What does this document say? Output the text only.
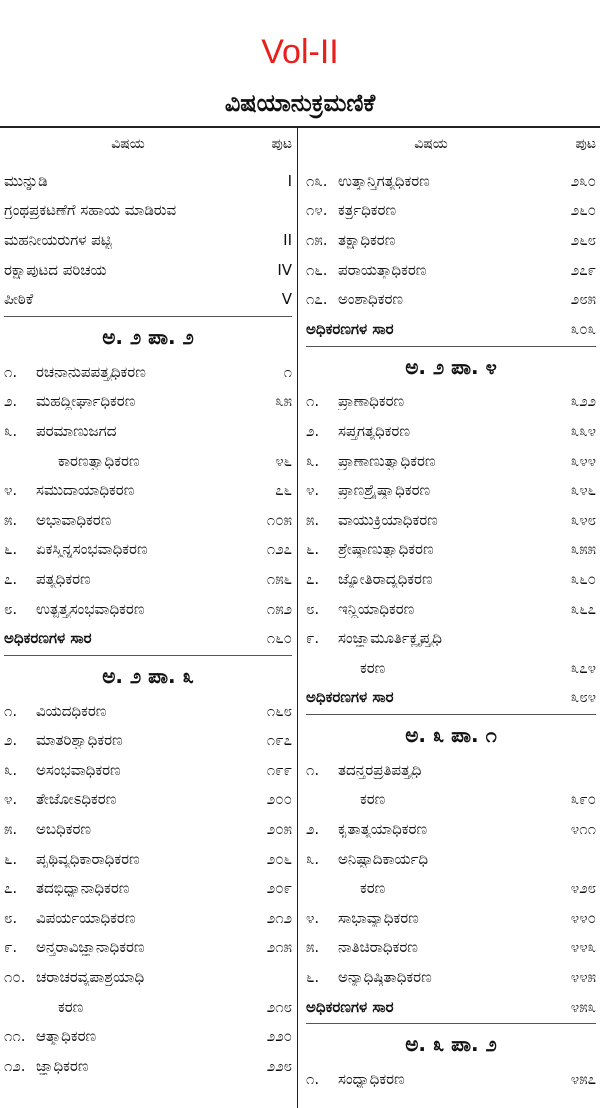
Vol-II
ವಿಷಯಾನುಕ್ರಮಣಿಕೆ
ವಿಷಯ	ಪುಟ
ಮುನ್ನುಡಿ	I
ಗ್ರಂಥಪ್ರಕಟಣೆಗೆ ಸಹಾಯ ಮಾಡಿರುವ
ಮಹನೀಯರುಗಳ ಪಟ್ಟಿ	II
ರಕ್ಷಾಪುಟದ ಪರಿಚಯ	IV
ಪೀಠಿಕೆ	V
ಅ. ೨ ಪಾ. ೨
೧.	ರಚನಾನುಪಪತ್ತ್ಯಧಿಕರಣ	೧
೨.	ಮಹದ್ದೀರ್ಘಾಧಿಕರಣ	೩೫
೩.	ಪರಮಾಣುಜಗದ
ಕಾರಣತ್ವಾಧಿಕರಣ	೪೬
೪.	ಸಮುದಾಯಾಧಿಕರಣ	೭೬
೫.	ಅಭಾವಾಧಿಕರಣ	೧೦೫
೬.	ಏಕಸ್ಮಿನ್ನಸಂಭವಾಧಿಕರಣ	೧೨೭
೭.	ಪತ್ಯಧಿಕರಣ	೧೫೬
೮.	ಉತ್ಪತ್ತ್ಯಸಂಭವಾಧಿಕರಣ	೧೫೨
ಅಧಿಕರಣಗಳ ಸಾರ	೧೬೦
ಅ. ೨ ಪಾ. ೩
೧.	ವಿಯದಧಿಕರಣ	೧೬೮
೨.	ಮಾತರಿಶ್ವಾಧಿಕರಣ	೧೯೭
೩.	ಅಸಂಭವಾಧಿಕರಣ	೧೯೯
೪.	ತೇಜೋಽಧಿಕರಣ	೨೦೦
೫.	ಅಬಧಿಕರಣ	೨೦೫
೬.	ಪೃಥಿವ್ಯಧಿಕಾರಾಧಿಕರಣ	೨೦೬
೭.	ತದಭಿಧ್ಯಾನಾಧಿಕರಣ	೨೦೯
೮.	ವಿಪರ್ಯಯಾಧಿಕರಣ	೨೧೨
೯.	ಅನ್ತರಾವಿಜ್ಞಾನಾಧಿಕರಣ	೨೧೫
೧೦. ಚರಾಚರವ್ಯಪಾಶ್ರಯಾಧಿ
ಕರಣ	೨೧೮
೧೧. ಆತ್ಮಾಧಿಕರಣ	೨೨೦
೧೨. ಜ್ಞಾಧಿಕರಣ	೨೨೮
ವಿಷಯ	ಪುಟ
೧೩. ಉತ್ಕ್ರಾನ್ತಿಗತ್ಯಧಿಕರಣ	೨೩೦
೧೪. ಕರ್ತ್ರಧಿಕರಣ	೨೬೦
೧೫. ತಕ್ಷಾಧಿಕರಣ	೨೬೮
೧೬. ಪರಾಯತ್ತಾಧಿಕರಣ	೨೭೯
೧೭. ಅಂಶಾಧಿಕರಣ	೨೮೫
ಅಧಿಕರಣಗಳ ಸಾರ	೩೦೩
ಅ. ೨ ಪಾ. ೪
೧.	ಪ್ರಾಣಾಧಿಕರಣ	೩೨೨
೨.	ಸಪ್ತಗತ್ಯಧಿಕರಣ	೩೩೪
೩.	ಪ್ರಾಣಾಣುತ್ವಾಧಿಕರಣ	೩೪೪
೪.	ಪ್ರಾಣಶ್ರೈಷ್ಠ್ಯಾಧಿಕರಣ	೩೪೬
೫.	ವಾಯುಕ್ರಿಯಾಧಿಕರಣ	೩೪೮
೬.	ಶ್ರೇಷ್ಠಾಣುತ್ವಾಧಿಕರಣ	೩೫೫
೭.	ಜ್ಯೋತಿರಾದ್ಯಧಿಕರಣ	೩೬೦
೮.	ಇನ್ದ್ರಿಯಾಧಿಕರಣ	೩೬೭
೯.	ಸಂಜ್ಞಾಮೂರ್ತಿಕ್ಲೃಪ್ತ್ಯಧಿ
ಕರಣ	೩೭೪
ಅಧಿಕರಣಗಳ ಸಾರ	೩೮೪
ಅ. ೩ ಪಾ. ೧
೧.	ತದನ್ತರಪ್ರತಿಪತ್ತ್ಯಧಿ
ಕರಣ	೩೯೦
೨.	ಕೃತಾತ್ಯಯಾಧಿಕರಣ	೪೧೧
೩.	ಅನಿಷ್ಟಾದಿಕಾರ್ಯಧಿ
ಕರಣ	೪೨೮
೪.	ಸಾಭಾವ್ಯಾಧಿಕರಣ	೪೪೦
೫.	ನಾತಿಚಿರಾಧಿಕರಣ	೪೪೩
೬.	ಅನ್ಯಾಧಿಷ್ಠಿತಾಧಿಕರಣ	೪೪೫
ಅಧಿಕರಣಗಳ ಸಾರ	೪೫೩
ಅ. ೩ ಪಾ. ೨
೧.	ಸಂಧ್ಯಾಧಿಕರಣ	೪೫೭
